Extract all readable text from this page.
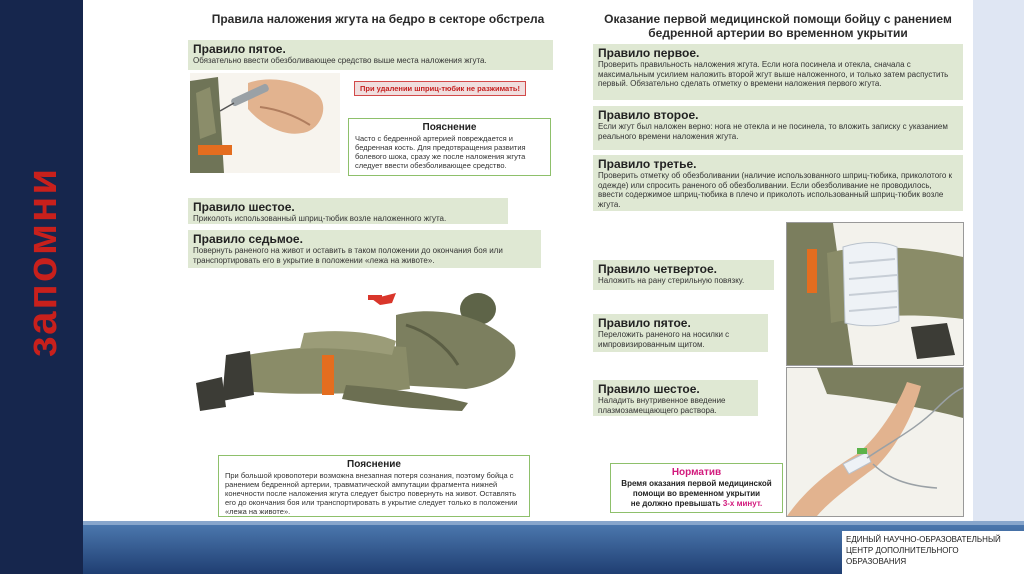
запомни
ЕДИНЫЙ НАУЧНО-ОБРАЗОВАТЕЛЬНЫЙ ЦЕНТР ДОПОЛНИТЕЛЬНОГО ОБРАЗОВАНИЯ
Правила наложения жгута на бедро в секторе обстрела
Правило пятое.
Обязательно ввести обезболивающее средство выше места наложения жгута.
При удалении шприц-тюбик не разжимать!
Пояснение
Часто с бедренной артерией повреждается и бедренная кость. Для предотвращения развития болевого шока, сразу же после наложения жгута следует ввести обезболивающее средство.
Правило шестое.
Приколоть использованный шприц-тюбик возле наложенного жгута.
Правило седьмое.
Повернуть раненого на живот и оставить в таком положении до окончания боя или транспортировать его в укрытие в положении «лежа на животе».
Пояснение
При большой кровопотери возможна внезапная потеря сознания, поэтому бойца с ранением бедренной артерии, травматической ампутации фрагмента нижней конечности после наложения жгута следует быстро повернуть на живот. Оставлять его до окончания боя или транспортировать в укрытие следует только в положении «лежа на животе».
Оказание первой медицинской помощи бойцу с ранением бедренной артерии во временном укрытии
Правило первое.
Проверить правильность наложения жгута. Если нога посинела и отекла, сначала с максимальным усилием наложить второй жгут выше наложенного, и только затем распустить первый. Обязательно сделать отметку о времени наложения первого жгута.
Правило второе.
Если жгут был наложен верно: нога не отекла и не посинела, то вложить записку с указанием реального времени наложения жгута.
Правило третье.
Проверить отметку об обезболивании (наличие использованного шприц-тюбика, приколотого к одежде) или спросить раненого об обезболивании. Если обезболивание не проводилось, ввести содержимое шприц-тюбика в плечо и приколоть использованный шприц-тюбик возле жгута.
Правило четвертое.
Наложить на рану стерильную повязку.
Правило пятое.
Переложить раненого на носилки с импровизированным щитом.
Правило шестое.
Наладить внутривенное введение плазмозамещающего раствора.
Норматив
Время оказания первой медицинской
помощи во временном укрытии
не должно превышать 3-х минут.
